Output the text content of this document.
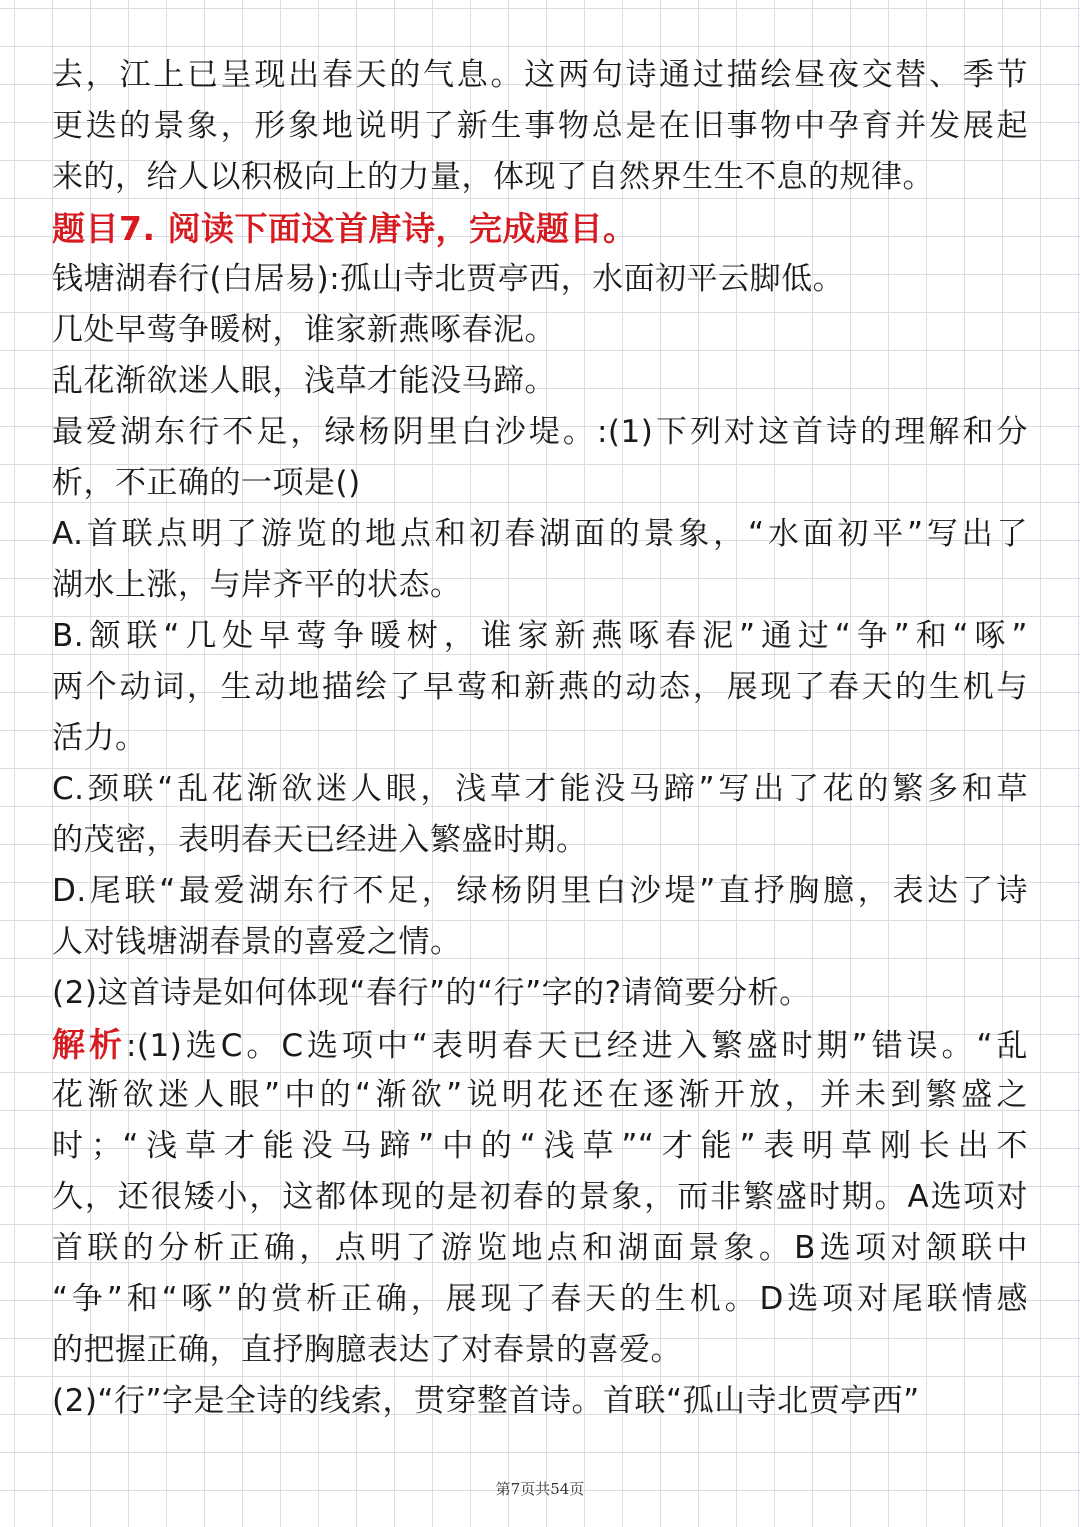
去，江上已呈现出春天的气息。这两句诗通过描绘昼夜交替、季节
更迭的景象，形象地说明了新生事物总是在旧事物中孕育并发展起
来的，给人以积极向上的力量，体现了自然界生生不息的规律。
题目7. 阅读下面这首唐诗，完成题目。
钱塘湖春行(白居易):孤山寺北贾亭西，水面初平云脚低。
几处早莺争暖树，谁家新燕啄春泥。
乱花渐欲迷人眼，浅草才能没马蹄。
最爱湖东行不足，绿杨阴里白沙堤。:(1)下列对这首诗的理解和分
析，不正确的一项是()
A.首联点明了游览的地点和初春湖面的景象，“水面初平”写出了
湖水上涨，与岸齐平的状态。
B.颔联“几处早莺争暖树，谁家新燕啄春泥”通过“争”和“啄”
两个动词，生动地描绘了早莺和新燕的动态，展现了春天的生机与
活力。
C.颈联“乱花渐欲迷人眼，浅草才能没马蹄”写出了花的繁多和草
的茂密，表明春天已经进入繁盛时期。
D.尾联“最爱湖东行不足，绿杨阴里白沙堤”直抒胸臆，表达了诗
人对钱塘湖春景的喜爱之情。
(2)这首诗是如何体现“春行”的“行”字的?请简要分析。
解析:(1)选C。C选项中“表明春天已经进入繁盛时期”错误。“乱
花渐欲迷人眼”中的“渐欲”说明花还在逐渐开放，并未到繁盛之
时；“浅草才能没马蹄”中的“浅草”“才能”表明草刚长出不
久，还很矮小，这都体现的是初春的景象，而非繁盛时期。A选项对
首联的分析正确，点明了游览地点和湖面景象。B选项对颔联中
“争”和“啄”的赏析正确，展现了春天的生机。D选项对尾联情感
的把握正确，直抒胸臆表达了对春景的喜爱。
(2)“行”字是全诗的线索，贯穿整首诗。首联“孤山寺北贾亭西”
第7页共54页
